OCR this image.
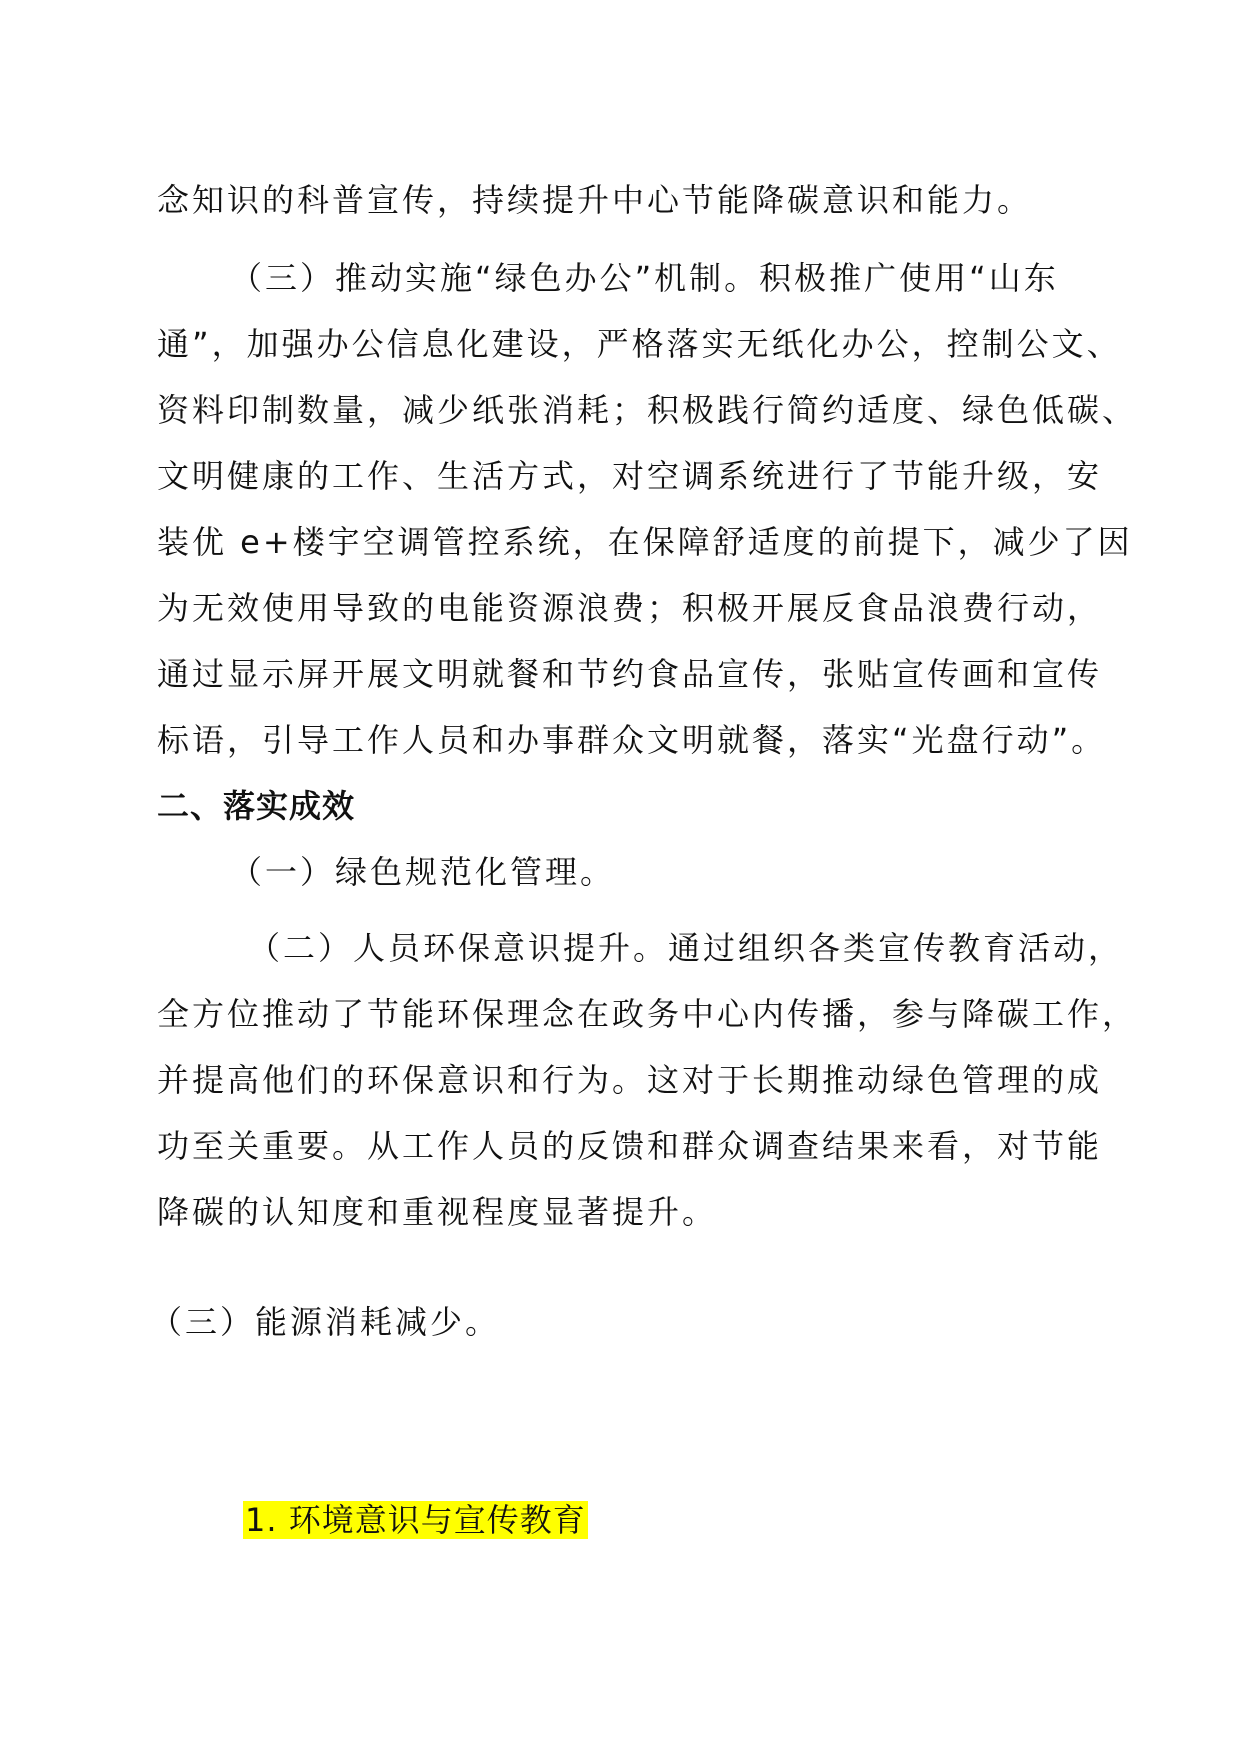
念知识的科普宣传，持续提升中心节能降碳意识和能力。
（三）推动实施“绿色办公”机制。积极推广使用“山东
通”，加强办公信息化建设，严格落实无纸化办公，控制公文、
资料印制数量，减少纸张消耗；积极践行简约适度、绿色低碳、
文明健康的工作、生活方式，对空调系统进行了节能升级，安
装优 e+楼宇空调管控系统，在保障舒适度的前提下，减少了因
为无效使用导致的电能资源浪费；积极开展反食品浪费行动，
通过显示屏开展文明就餐和节约食品宣传，张贴宣传画和宣传
标语，引导工作人员和办事群众文明就餐，落实“光盘行动”。
二、落实成效
（一）绿色规范化管理。
（二）人员环保意识提升。通过组织各类宣传教育活动，
全方位推动了节能环保理念在政务中心内传播，参与降碳工作，
并提高他们的环保意识和行为。这对于长期推动绿色管理的成
功至关重要。从工作人员的反馈和群众调查结果来看，对节能
降碳的认知度和重视程度显著提升。
（三）能源消耗减少。
1. 环境意识与宣传教育
